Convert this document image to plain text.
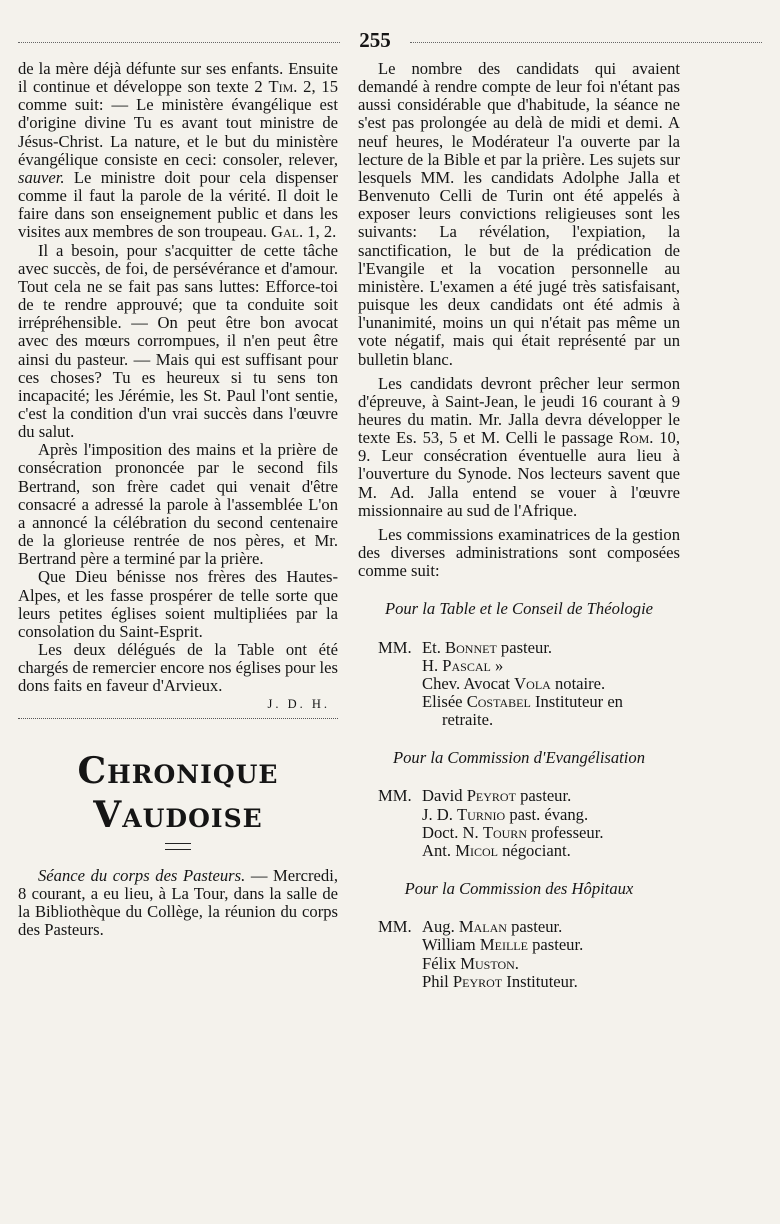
255

de la mère déjà défunte sur ses enfants. Ensuite il continue et développe son texte 2 Tim. 2, 15 comme suit: — Le ministère évangélique est d'origine divine Tu es avant tout ministre de Jésus-Christ. La nature, et le but du ministère évangélique consiste en ceci: consoler, relever, sauver. Le ministre doit pour cela dispenser comme il faut la parole de la vérité. Il doit le faire dans son enseignement public et dans les visites aux membres de son troupeau. Gal. 1, 2.

Il a besoin, pour s'acquitter de cette tâche avec succès, de foi, de persévérance et d'amour. Tout cela ne se fait pas sans luttes: Efforce-toi de te rendre approuvé; que ta conduite soit irrépréhensible. — On peut être bon avocat avec des mœurs corrompues, il n'en peut être ainsi du pasteur. — Mais qui est suffisant pour ces choses? Tu es heureux si tu sens ton incapacité; les Jérémie, les St. Paul l'ont sentie, c'est la condition d'un vrai succès dans l'œuvre du salut.

Après l'imposition des mains et la prière de consécration prononcée par le second fils Bertrand, son frère cadet qui venait d'être consacré a adressé la parole à l'assemblée L'on a annoncé la célébration du second centenaire de la glorieuse rentrée de nos pères, et Mr. Bertrand père a terminé par la prière.

Que Dieu bénisse nos frères des Hautes-Alpes, et les fasse prospérer de telle sorte que leurs petites églises soient multipliées par la consolation du Saint-Esprit.

Les deux délégués de la Table ont été chargés de remercier encore nos églises pour les dons faits en faveur d'Arvieux.

J. D. H.
Chronique Vaudoise

Séance du corps des Pasteurs. — Mercredi, 8 courant, a eu lieu, à La Tour, dans la salle de la Bibliothèque du Collège, la réunion du corps des Pasteurs.

Le nombre des candidats qui avaient demandé à rendre compte de leur foi n'étant pas aussi considérable que d'habitude, la séance ne s'est pas prolongée au delà de midi et demi. A neuf heures, le Modérateur l'a ouverte par la lecture de la Bible et par la prière. Les sujets sur lesquels MM. les candidats Adolphe Jalla et Benvenuto Celli de Turin ont été appelés à exposer leurs convictions religieuses sont les suivants: La révélation, l'expiation, la sanctification, le but de la prédication de l'Evangile et la vocation personnelle au ministère. L'examen a été jugé très satisfaisant, puisque les deux candidats ont été admis à l'unanimité, moins un qui n'était pas même un vote négatif, mais qui était représenté par un bulletin blanc.

Les candidats devront prêcher leur sermon d'épreuve, à Saint-Jean, le jeudi 16 courant à 9 heures du matin. Mr. Jalla devra développer le texte Es. 53, 5 et M. Celli le passage Rom. 10, 9. Leur consécration éventuelle aura lieu à l'ouverture du Synode. Nos lecteurs savent que M. Ad. Jalla entend se vouer à l'œuvre missionnaire au sud de l'Afrique.

Les commissions examinatrices de la gestion des diverses administrations sont composées comme suit:

Pour la Table et le Conseil de Théologie
MM. Et. Bonnet pasteur.
H. Pascal »
Chev. Avocat Vola notaire.
Elisée Costabel Instituteur en
retraite.
Pour la Commission d'Evangélisation
MM. David Peyrot pasteur.
J. D. Turnio past. évang.
Doct. N. Tourn professeur.
Ant. Micol négociant.
Pour la Commission des Hôpitaux
MM. Aug. Malan pasteur.
William Meille pasteur.
Félix Muston.
Phil Peyrot Instituteur.
